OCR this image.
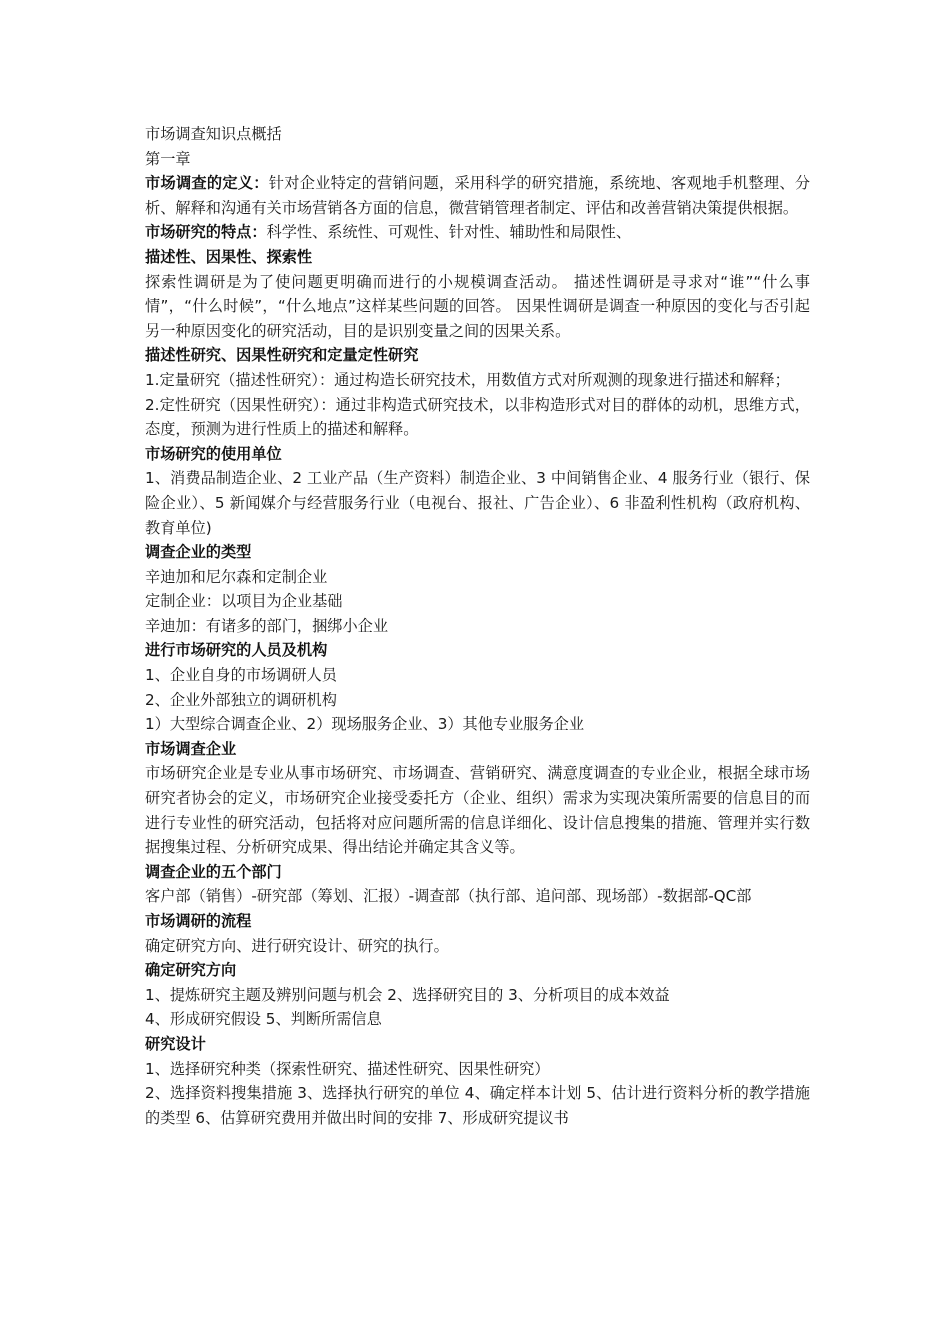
市场调查知识点概括

第一章

市场调查的定义：针对企业特定的营销问题，采用科学的研究措施，系统地、客观地手机整理、分析、解释和沟通有关市场营销各方面的信息，微营销管理者制定、评估和改善营销决策提供根据。

市场研究的特点：科学性、系统性、可观性、针对性、辅助性和局限性、

描述性、因果性、探索性

探索性调研是为了使问题更明确而进行的小规模调查活动。 描述性调研是寻求对“谁”“什么事情”，“什么时候”，“什么地点”这样某些问题的回答。 因果性调研是调查一种原因的变化与否引起另一种原因变化的研究活动，目的是识别变量之间的因果关系。

描述性研究、因果性研究和定量定性研究

1.定量研究（描述性研究）：通过构造长研究技术，用数值方式对所观测的现象进行描述和解释；

2.定性研究（因果性研究）：通过非构造式研究技术，以非构造形式对目的群体的动机，思维方式，态度，预测为进行性质上的描述和解释。

市场研究的使用单位

1、消费品制造企业、2 工业产品（生产资料）制造企业、3 中间销售企业、4 服务行业（银行、保险企业）、5 新闻媒介与经营服务行业（电视台、报社、广告企业）、6 非盈利性机构（政府机构、教育单位)

调查企业的类型

辛迪加和尼尔森和定制企业

定制企业：以项目为企业基础

辛迪加：有诸多的部门，捆绑小企业

进行市场研究的人员及机构

1、企业自身的市场调研人员

2、企业外部独立的调研机构

1）大型综合调查企业、2）现场服务企业、3）其他专业服务企业

市场调查企业

市场研究企业是专业从事市场研究、市场调查、营销研究、满意度调查的专业企业，根据全球市场研究者协会的定义，市场研究企业接受委托方（企业、组织）需求为实现决策所需要的信息目的而进行专业性的研究活动，包括将对应问题所需的信息详细化、设计信息搜集的措施、管理并实行数据搜集过程、分析研究成果、得出结论并确定其含义等。

调查企业的五个部门

客户部（销售）-研究部（筹划、汇报）-调查部（执行部、追问部、现场部）-数据部-QC部

市场调研的流程

确定研究方向、进行研究设计、研究的执行。

确定研究方向

1、提炼研究主题及辨别问题与机会 2、选择研究目的 3、分析项目的成本效益

4、形成研究假设 5、判断所需信息

研究设计

1、选择研究种类（探索性研究、描述性研究、因果性研究）

2、选择资料搜集措施 3、选择执行研究的单位 4、确定样本计划 5、估计进行资料分析的教学措施的类型 6、估算研究费用并做出时间的安排 7、形成研究提议书
